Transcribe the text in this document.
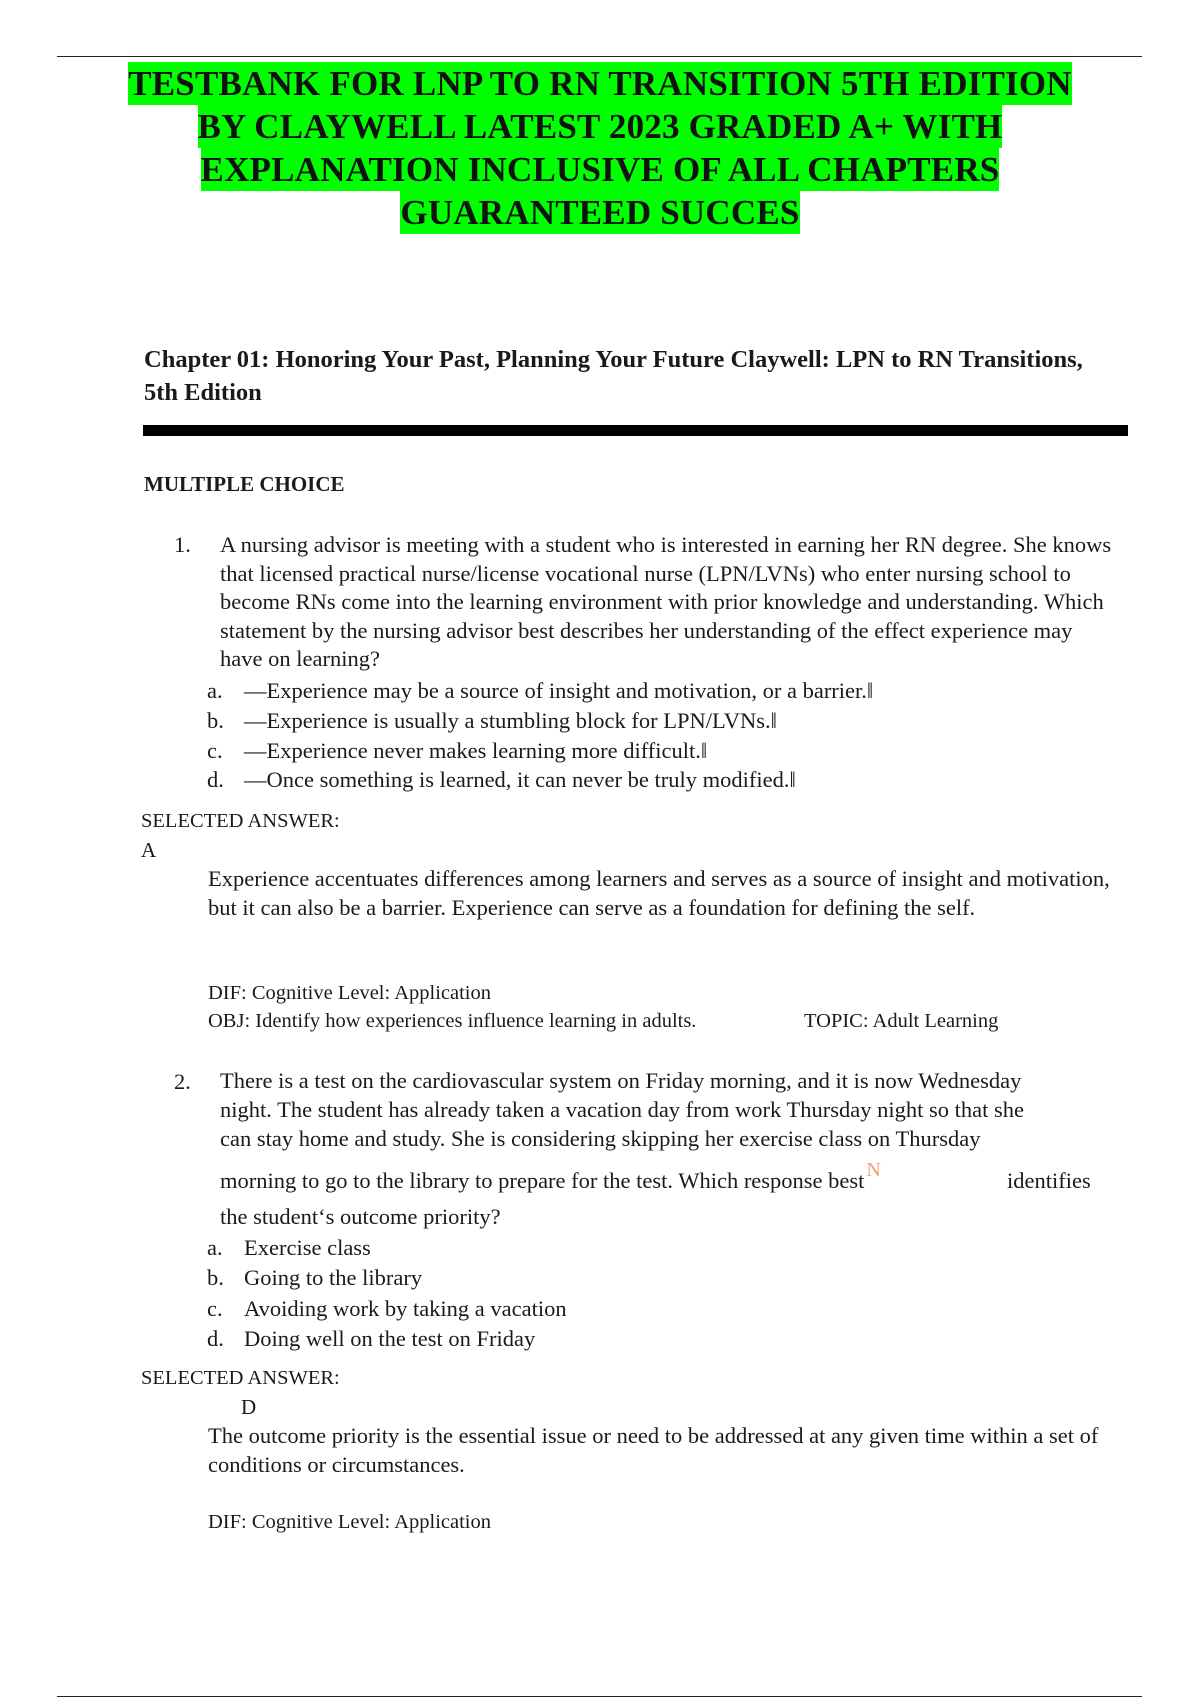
TESTBANK FOR LNP TO RN TRANSITION 5TH EDITION
BY CLAYWELL LATEST 2023 GRADED A+ WITH
EXPLANATION INCLUSIVE OF ALL CHAPTERS
GUARANTEED SUCCES
Chapter 01: Honoring Your Past, Planning Your Future Claywell: LPN to RN Transitions, 5th Edition
MULTIPLE CHOICE
1. A nursing advisor is meeting with a student who is interested in earning her RN degree. She knows that licensed practical nurse/license vocational nurse (LPN/LVNs) who enter nursing school to become RNs come into the learning environment with prior knowledge and understanding. Which statement by the nursing advisor best describes her understanding of the effect experience may have on learning?
a. —Experience may be a source of insight and motivation, or a barrier.‖
b. —Experience is usually a stumbling block for LPN/LVNs.‖
c. —Experience never makes learning more difficult.‖
d. —Once something is learned, it can never be truly modified.‖
SELECTED ANSWER:
A
Experience accentuates differences among learners and serves as a source of insight and motivation, but it can also be a barrier. Experience can serve as a foundation for defining the self.
DIF: Cognitive Level: Application
OBJ: Identify how experiences influence learning in adults.	TOPIC: Adult Learning
2. There is a test on the cardiovascular system on Friday morning, and it is now Wednesday
night. The student has already taken a vacation day from work Thursday night so that she
can stay home and study. She is considering skipping her exercise class on Thursday
morning to go to the library to prepare for the test. Which response best N	identifies
the student‘s outcome priority?
a. Exercise class
b. Going to the library
c. Avoiding work by taking a vacation
d. Doing well on the test on Friday
SELECTED ANSWER:
D
The outcome priority is the essential issue or need to be addressed at any given time within a set of conditions or circumstances.
DIF: Cognitive Level: Application
